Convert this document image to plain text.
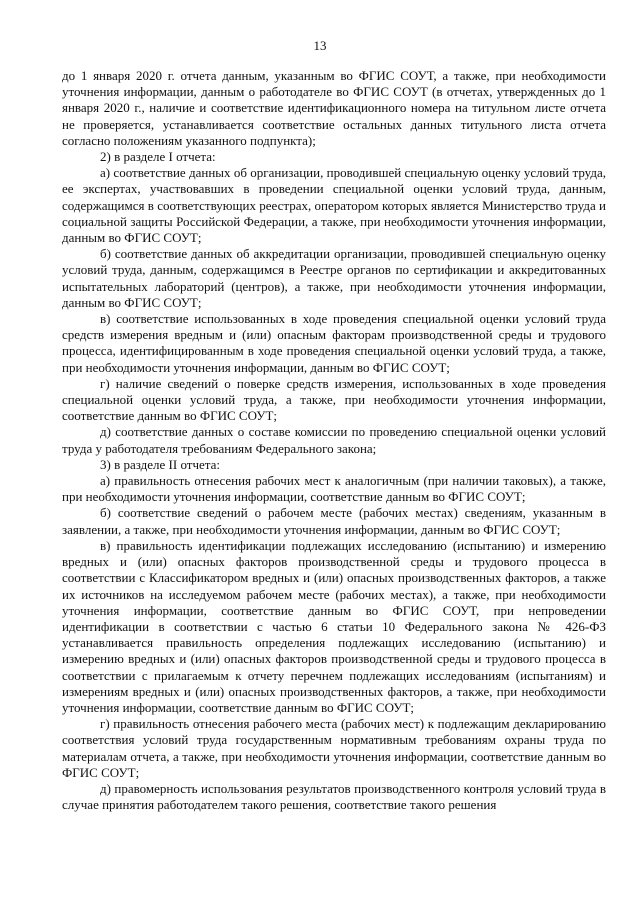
13

до 1 января 2020 г. отчета данным, указанным во ФГИС СОУТ, а также, при необходимости уточнения информации, данным о работодателе во ФГИС СОУТ (в отчетах, утвержденных до 1 января 2020 г., наличие и соответствие идентификационного номера на титульном листе отчета не проверяется, устанавливается соответствие остальных данных титульного листа отчета согласно положениям указанного подпункта);

2) в разделе I отчета:

а) соответствие данных об организации, проводившей специальную оценку условий труда, ее экспертах, участвовавших в проведении специальной оценки условий труда, данным, содержащимся в соответствующих реестрах, оператором которых является Министерство труда и социальной защиты Российской Федерации, а также, при необходимости уточнения информации, данным во ФГИС СОУТ;

б) соответствие данных об аккредитации организации, проводившей специальную оценку условий труда, данным, содержащимся в Реестре органов по сертификации и аккредитованных испытательных лабораторий (центров), а также, при необходимости уточнения информации, данным во ФГИС СОУТ;

в) соответствие использованных в ходе проведения специальной оценки условий труда средств измерения вредным и (или) опасным факторам производственной среды и трудового процесса, идентифицированным в ходе проведения специальной оценки условий труда, а также, при необходимости уточнения информации, данным во ФГИС СОУТ;

г) наличие сведений о поверке средств измерения, использованных в ходе проведения специальной оценки условий труда, а также, при необходимости уточнения информации, соответствие данным во ФГИС СОУТ;

д) соответствие данных о составе комиссии по проведению специальной оценки условий труда у работодателя требованиям Федерального закона;

3) в разделе II отчета:

а) правильность отнесения рабочих мест к аналогичным (при наличии таковых), а также, при необходимости уточнения информации, соответствие данным во ФГИС СОУТ;

б) соответствие сведений о рабочем месте (рабочих местах) сведениям, указанным в заявлении, а также, при необходимости уточнения информации, данным во ФГИС СОУТ;

в) правильность идентификации подлежащих исследованию (испытанию) и измерению вредных и (или) опасных факторов производственной среды и трудового процесса в соответствии с Классификатором вредных и (или) опасных производственных факторов, а также их источников на исследуемом рабочем месте (рабочих местах), а также, при необходимости уточнения информации, соответствие данным во ФГИС СОУТ, при непроведении идентификации в соответствии с частью 6 статьи 10 Федерального закона № 426-ФЗ устанавливается правильность определения подлежащих исследованию (испытанию) и измерению вредных и (или) опасных факторов производственной среды и трудового процесса в соответствии с прилагаемым к отчету перечнем подлежащих исследованиям (испытаниям) и измерениям вредных и (или) опасных производственных факторов, а также, при необходимости уточнения информации, соответствие данным во ФГИС СОУТ;

г) правильность отнесения рабочего места (рабочих мест) к подлежащим декларированию соответствия условий труда государственным нормативным требованиям охраны труда по материалам отчета, а также, при необходимости уточнения информации, соответствие данным во ФГИС СОУТ;

д) правомерность использования результатов производственного контроля условий труда в случае принятия работодателем такого решения, соответствие такого решения
